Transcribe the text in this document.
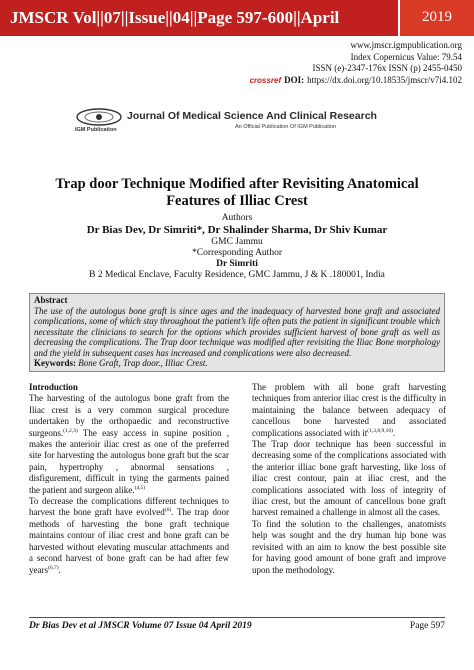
JMSCR Vol||07||Issue||04||Page 597-600||April	2019
www.jmscr.igmpublication.org
Index Copernicus Value: 79.54
ISSN (e)-2347-176x ISSN (p) 2455-0450
crossref DOI: https://dx.doi.org/10.18535/jmscr/v7i4.102
Journal Of Medical Science And Clinical Research
IGM Publication	An Official Publication Of IGM Publication
Trap door Technique Modified after Revisiting Anatomical Features of Illiac Crest
Authors
Dr Bias Dev, Dr Simriti*, Dr Shalinder Sharma, Dr Shiv Kumar
GMC Jammu
*Corresponding Author
Dr Simriti
B 2 Medical Enclave, Faculty Residence, GMC Jammu, J & K .180001, India
Abstract
The use of the autologus bone graft is since ages and the inadequacy of harvested bone graft and associated complications, some of which stay throughout the patient’s life often puts the patient in significant trouble which necessitate the clinicians to search for the options which provides sufficient harvest of bone graft as well as decreasing the complications. The Trap door technique was modified after revisiting the Iliac Bone morphology and the yield in subsequent cases has increased and complications were also decreased.
Keywords: Bone Graft, Trap door., Illiac Crest.

Introduction

The harvesting of the autologus bone graft from the Iliac crest is a very common surgical procedure undertaken by the orthopaedic and reconstructive surgeons.$^{(1,2,3)}$ The easy access in supine position , makes the anterioir iliac crest as one of the preferred site for harvesting the autologus bone graft but the scar pain, hypertrophy , abnormal sensations , disfigurement, difficult in tying the garments pained the patient and surgeon alike.$^{(4,5)}$

To decrease the complications different techniques to harvest the bone graft have evolved$^{(6)}$. The trap door methods of harvesting the bone graft technique maintains contour of iliac crest and bone graft can be harvested without elevating muscular attachments and a second harvest of bone graft can be had after few years$^{(6,7)}$.

The problem with all bone graft harvesting techniques from anterior iliac crest is the difficulty in maintaining the balance between adequacy of cancellous bone harvested and associated complications associated with it$^{(1,3,8,9,10)}$.

The Trap door technique has been successful in decreasing some of the complications associated with the anterior illiac bone graft harvesting, like loss of iliac crest contour, pain at iliac crest, and the complications associated with loss of integrity of iliac crest, but the amount of cancellous bone graft harvest remained a challenge in almost all the cases.

To find the solution to the challenges, anatomists help was sought and the dry human hip bone was revisited with an aim to know the best possible site for having good amount of bone graft and improve upon the methodology.

Dr Bias Dev et al JMSCR Volume 07 Issue 04 April 2019	Page 597
